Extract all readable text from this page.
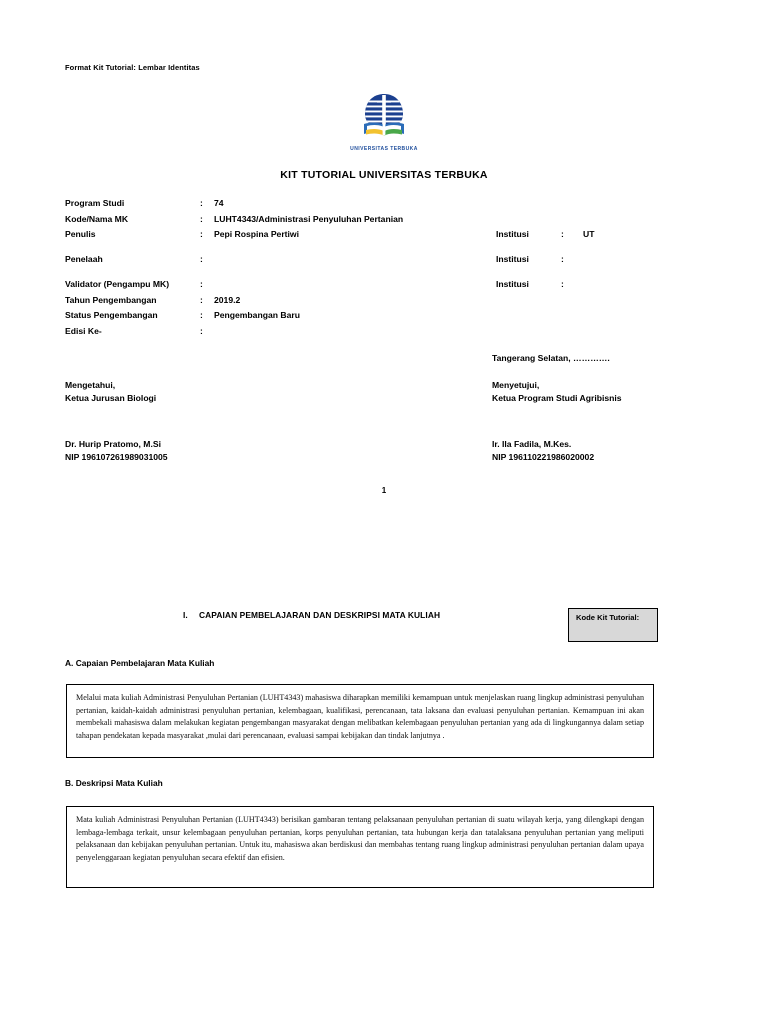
Format Kit Tutorial: Lembar Identitas
UNIVERSITAS TERBUKA
KIT TUTORIAL UNIVERSITAS TERBUKA
Program Studi	:	74
Kode/Nama MK	:	LUHT4343/Administrasi Penyuluhan Pertanian
Penulis	:	Pepi Rospina Pertiwi	Institusi	:	UT
Penelaah	:	Institusi	:
Validator (Pengampu MK)	:	Institusi	:
Tahun Pengembangan	:	2019.2
Status Pengembangan	:	Pengembangan Baru
Edisi Ke-	:
Tangerang Selatan, ………….
Mengetahui,
Ketua Jurusan Biologi
Menyetujui,
Ketua Program Studi Agribisnis
Dr. Hurip Pratomo, M.Si
NIP 196107261989031005
Ir. Ila Fadila, M.Kes.
NIP 196110221986020002
1
I. CAPAIAN PEMBELAJARAN DAN DESKRIPSI MATA KULIAH	Kode Kit Tutorial:
A. Capaian Pembelajaran Mata Kuliah
Melalui mata kuliah Administrasi Penyuluhan Pertanian (LUHT4343) mahasiswa diharapkan memiliki kemampuan untuk menjelaskan ruang lingkup administrasi penyuluhan pertanian, kaidah-kaidah administrasi penyuluhan pertanian, kelembagaan, kualifikasi, perencanaan, tata laksana dan evaluasi penyuluhan pertanian. Kemampuan ini akan membekali mahasiswa dalam melakukan kegiatan pengembangan masyarakat dengan melibatkan kelembagaan penyuluhan pertanian yang ada di lingkungannya dalam setiap tahapan pendekatan kepada masyarakat ,mulai dari perencanaan, evaluasi sampai kebijakan dan tindak lanjutnya .
B. Deskripsi Mata Kuliah
Mata kuliah Administrasi Penyuluhan Pertanian (LUHT4343) berisikan gambaran tentang pelaksanaan penyuluhan pertanian di suatu wilayah kerja, yang dilengkapi dengan lembaga-lembaga terkait, unsur kelembagaan penyuluhan pertanian, korps penyuluhan pertanian, tata hubungan kerja dan tatalaksana penyuluhan pertanian yang meliputi pelaksanaan dan kebijakan penyuluhan pertanian. Untuk itu, mahasiswa akan berdiskusi dan membahas tentang ruang lingkup administrasi penyuluhan pertanian dalam upaya penyelenggaraan kegiatan penyuluhan secara efektif dan efisien.
